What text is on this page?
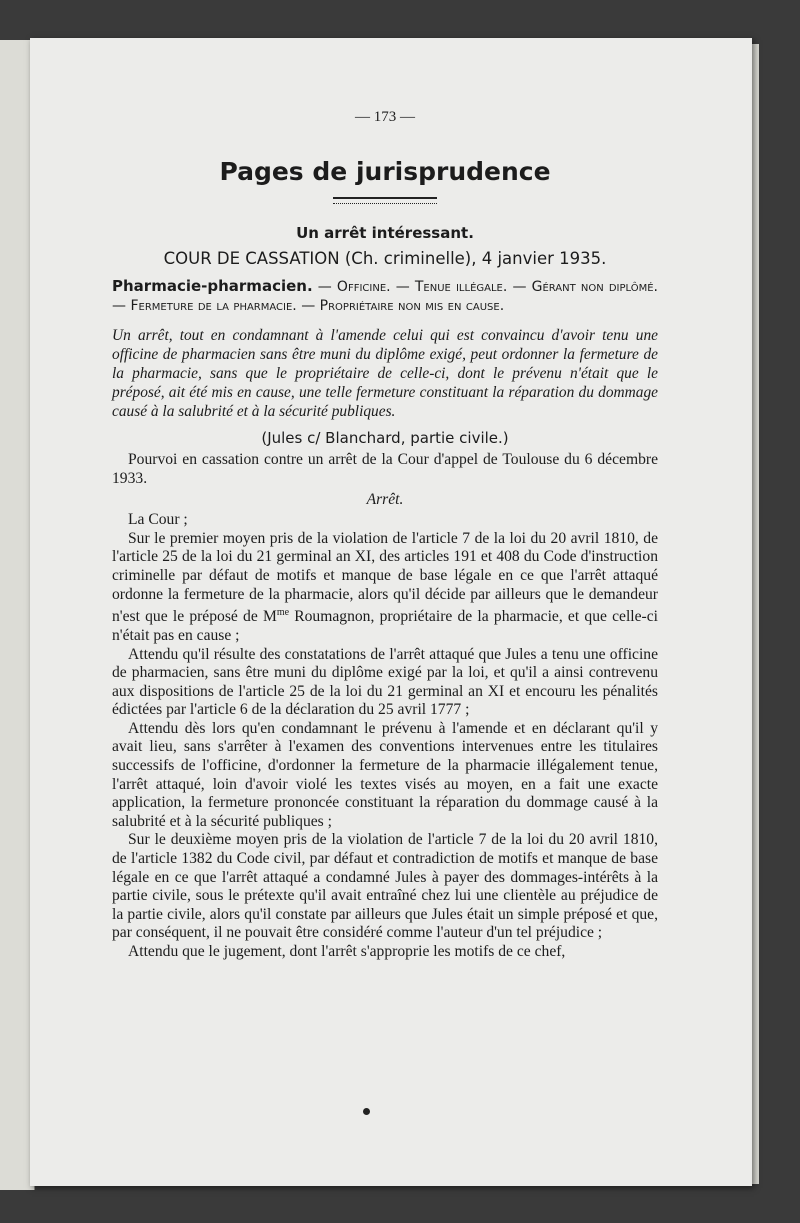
— 173 —
Pages de jurisprudence
Un arrêt intéressant.
COUR DE CASSATION (Ch. criminelle), 4 janvier 1935.
Pharmacie-pharmacien. — Officine. — Tenue illégale. — Gérant non diplômé. — Fermeture de la pharmacie. — Propriétaire non mis en cause.
Un arrêt, tout en condamnant à l'amende celui qui est convaincu d'avoir tenu une officine de pharmacien sans être muni du diplôme exigé, peut ordonner la fermeture de la pharmacie, sans que le propriétaire de celle-ci, dont le prévenu n'était que le préposé, ait été mis en cause, une telle fermeture constituant la réparation du dommage causé à la salubrité et à la sécurité publiques.
(Jules c/ Blanchard, partie civile.)

Pourvoi en cassation contre un arrêt de la Cour d'appel de Toulouse du 6 décembre 1933.

Arrêt.

La Cour ;

Sur le premier moyen pris de la violation de l'article 7 de la loi du 20 avril 1810, de l'article 25 de la loi du 21 germinal an XI, des articles 191 et 408 du Code d'instruction criminelle par défaut de motifs et manque de base légale en ce que l'arrêt attaqué ordonne la fermeture de la pharmacie, alors qu'il décide par ailleurs que le demandeur n'est que le préposé de $M^{me}$ Roumagnon, propriétaire de la pharmacie, et que celle-ci n'était pas en cause ;

Attendu qu'il résulte des constatations de l'arrêt attaqué que Jules a tenu une officine de pharmacien, sans être muni du diplôme exigé par la loi, et qu'il a ainsi contrevenu aux dispositions de l'article 25 de la loi du 21 germinal an XI et encouru les pénalités édictées par l'article 6 de la déclaration du 25 avril 1777 ;

Attendu dès lors qu'en condamnant le prévenu à l'amende et en déclarant qu'il y avait lieu, sans s'arrêter à l'examen des conventions intervenues entre les titulaires successifs de l'officine, d'ordonner la fermeture de la pharmacie illégalement tenue, l'arrêt attaqué, loin d'avoir violé les textes visés au moyen, en a fait une exacte application, la fermeture prononcée constituant la réparation du dommage causé à la salubrité et à la sécurité publiques ;

Sur le deuxième moyen pris de la violation de l'article 7 de la loi du 20 avril 1810, de l'article 1382 du Code civil, par défaut et contradiction de motifs et manque de base légale en ce que l'arrêt attaqué a condamné Jules à payer des dommages-intérêts à la partie civile, sous le prétexte qu'il avait entraîné chez lui une clientèle au préjudice de la partie civile, alors qu'il constate par ailleurs que Jules était un simple préposé et que, par conséquent, il ne pouvait être considéré comme l'auteur d'un tel préjudice ;

Attendu que le jugement, dont l'arrêt s'approprie les motifs de ce chef,
